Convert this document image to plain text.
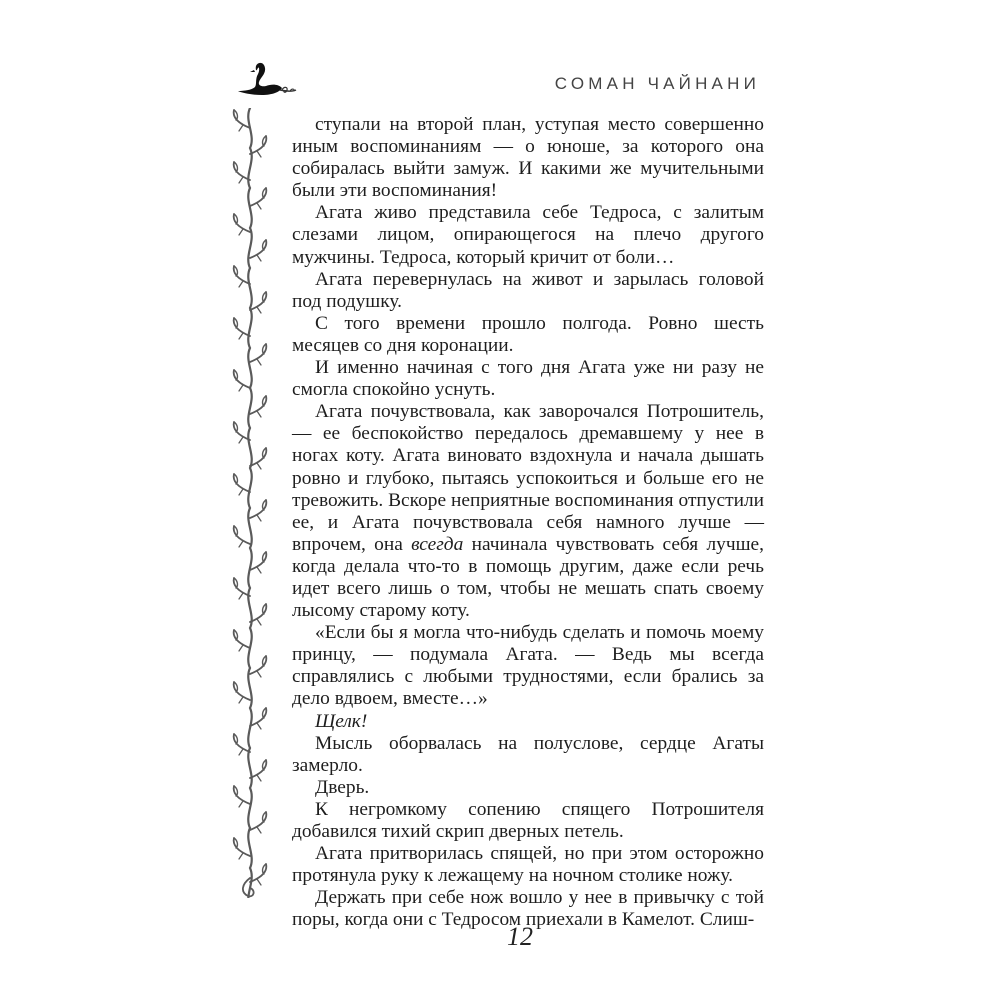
СОМАН ЧАЙНАНИ

ступали на второй план, уступая место совершенно иным воспоминаниям — о юноше, за которого она собиралась выйти замуж. И какими же мучительными были эти воспоминания!

Агата живо представила себе Тедроса, с залитым слезами лицом, опирающегося на плечо другого мужчины. Тедроса, который кричит от боли…

Агата перевернулась на живот и зарылась головой под подушку.

С того времени прошло полгода. Ровно шесть месяцев со дня коронации.

И именно начиная с того дня Агата уже ни разу не смогла спокойно уснуть.

Агата почувствовала, как заворочался Потрошитель, — ее беспокойство передалось дремавшему у нее в ногах коту. Агата виновато вздохнула и начала дышать ровно и глубоко, пытаясь успокоиться и больше его не тревожить. Вскоре неприятные воспоминания отпустили ее, и Агата почувствовала себя намного лучше — впрочем, она всегда начинала чувствовать себя лучше, когда делала что-то в помощь другим, даже если речь идет всего лишь о том, чтобы не мешать спать своему лысому старому коту.

«Если бы я могла что-нибудь сделать и помочь моему принцу, — подумала Агата. — Ведь мы всегда справлялись с любыми трудностями, если брались за дело вдвоем, вместе…»

Щелк!

Мысль оборвалась на полуслове, сердце Агаты замерло.

Дверь.

К негромкому сопению спящего Потрошителя добавился тихий скрип дверных петель.

Агата притворилась спящей, но при этом осторожно протянула руку к лежащему на ночном столике ножу.

Держать при себе нож вошло у нее в привычку с той поры, когда они с Тедросом приехали в Камелот. Слиш-

12
